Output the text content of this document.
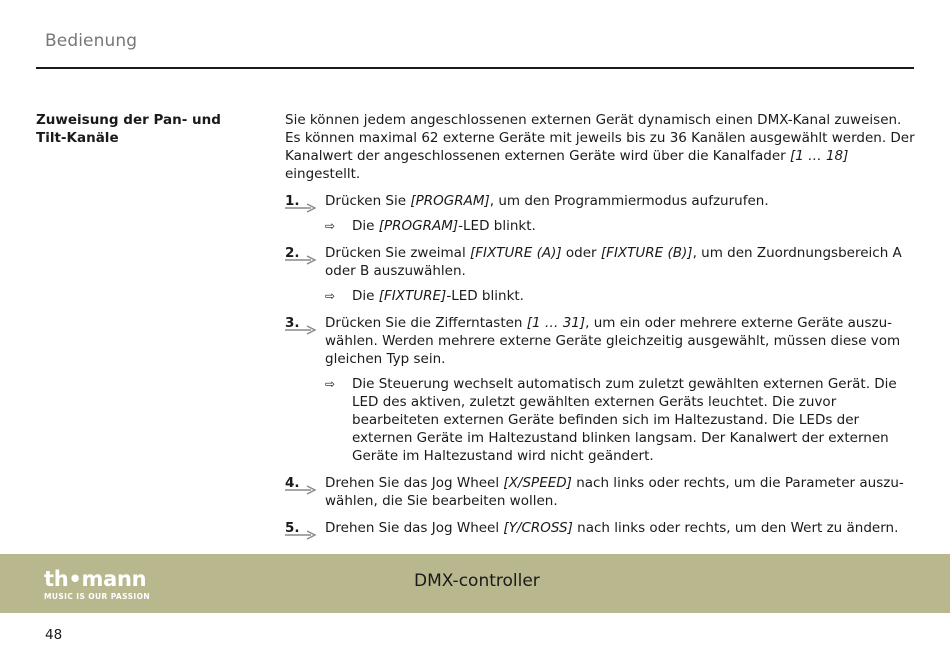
Bedienung
Zuweisung der Pan- und Tilt-Kanäle

Sie können jedem angeschlossenen externen Gerät dynamisch einen DMX-Kanal zuweisen. Es können maximal 62 externe Geräte mit jeweils bis zu 36 Kanälen ausgewählt werden. Der Kanalwert der angeschlossenen externen Geräte wird über die Kanalfader [1 … 18] eingestellt.

1.	Drücken Sie [PROGRAM], um den Programmiermodus aufzurufen.
⇨	Die [PROGRAM]-LED blinkt.
2.	Drücken Sie zweimal [FIXTURE (A)] oder [FIXTURE (B)], um den Zuordnungsbereich A oder B auszuwählen.
⇨	Die [FIXTURE]-LED blinkt.
3.	Drücken Sie die Zifferntasten [1 … 31], um ein oder mehrere externe Geräte auszuwählen. Werden mehrere externe Geräte gleichzeitig ausgewählt, müssen diese vom gleichen Typ sein.
⇨	Die Steuerung wechselt automatisch zum zuletzt gewählten externen Gerät. Die LED des aktiven, zuletzt gewählten externen Geräts leuchtet. Die zuvor bearbeiteten externen Geräte befinden sich im Haltezustand. Die LEDs der externen Geräte im Haltezustand blinken langsam. Der Kanalwert der externen Geräte im Haltezustand wird nicht geändert.
4.	Drehen Sie das Jog Wheel [X/SPEED] nach links oder rechts, um die Parameter auszuwählen, die Sie bearbeiten wollen.
5.	Drehen Sie das Jog Wheel [Y/CROSS] nach links oder rechts, um den Wert zu ändern.
th•mann
MUSIC IS OUR PASSION
DMX-controller
48
